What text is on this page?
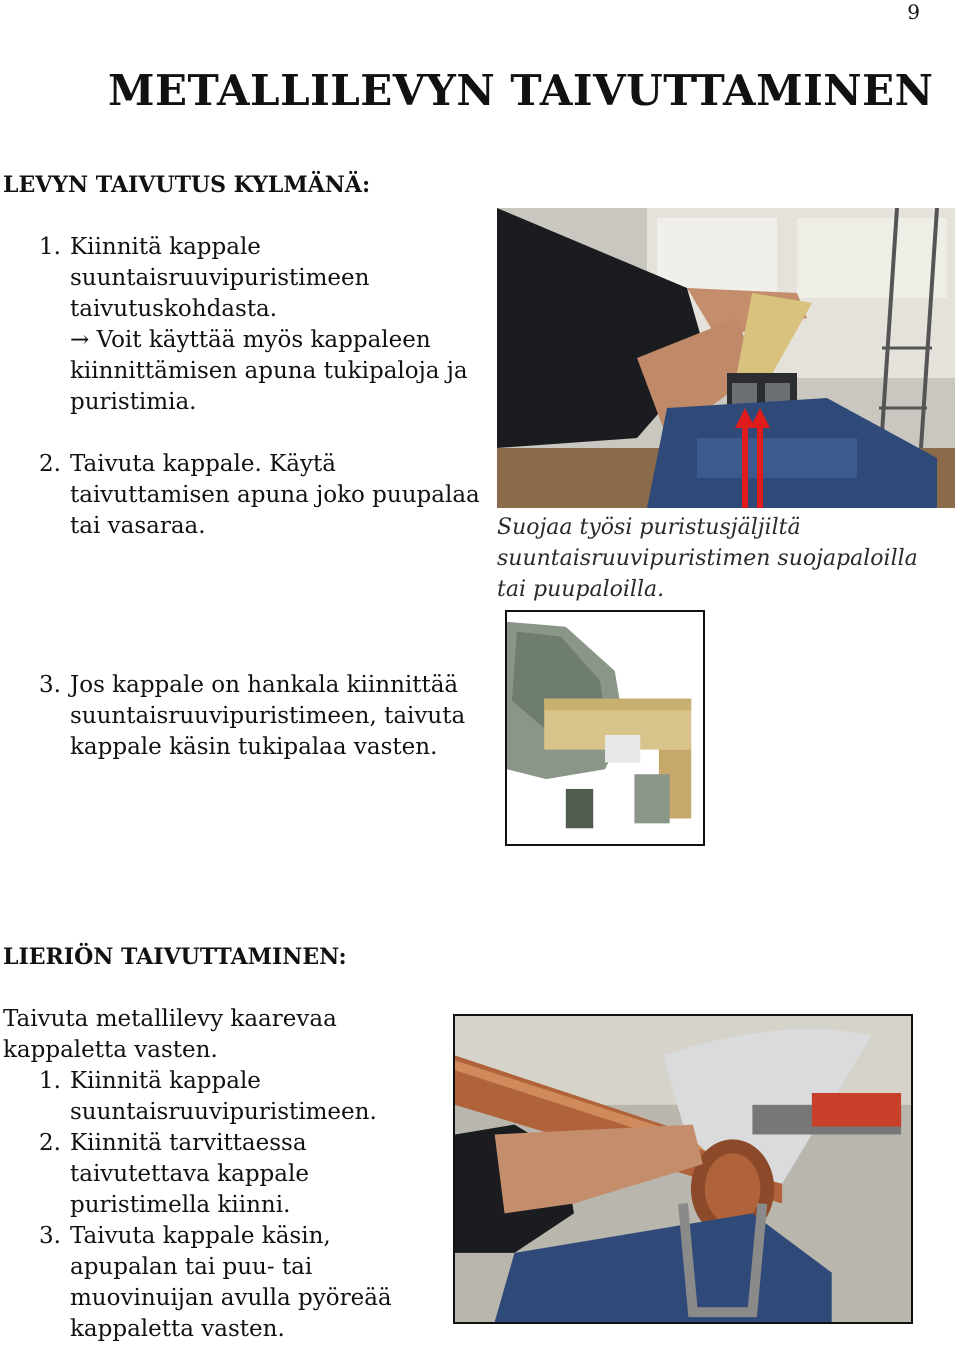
9
METALLILEVYN TAIVUTTAMINEN
LEVYN TAIVUTUS KYLMÄNÄ:
1. Kiinnitä kappale
suuntaisruuvipuristimeen
taivutuskohdasta.
→ Voit käyttää myös kappaleen
kiinnittämisen apuna tukipaloja ja
puristimia.
2. Taivuta kappale. Käytä
taivuttamisen apuna joko puupalaa
tai vasaraa.
3. Jos kappale on hankala kiinnittää
suuntaisruuvipuristimeen, taivuta
kappale käsin tukipalaa vasten.
Suojaa työsi puristusjäljiltä
suuntaisruuvipuristimen suojapaloilla
tai puupaloilla.
LIERIÖN TAIVUTTAMINEN:
Taivuta metallilevy kaarevaa
kappaletta vasten.
1. Kiinnitä kappale
suuntaisruuvipuristimeen.
2. Kiinnitä tarvittaessa
taivutettava kappale
puristimella kiinni.
3. Taivuta kappale käsin,
apupalan tai puu- tai
muovinuijan avulla pyöreää
kappaletta vasten.
